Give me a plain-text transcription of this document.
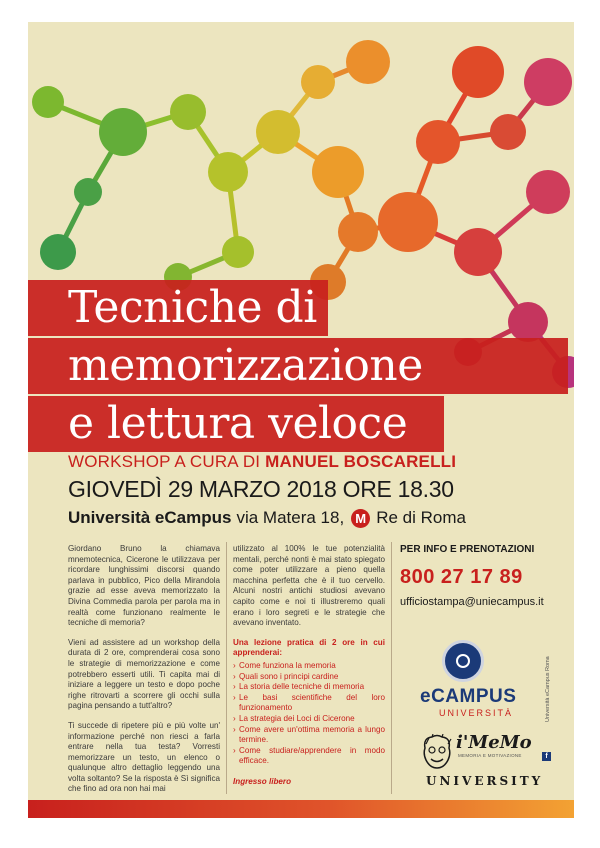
Tecniche di
memorizzazione
e lettura veloce
WORKSHOP A CURA DI MANUEL BOSCARELLI
GIOVEDÌ 29 MARZO 2018 ORE 18.30
Università eCampus via Matera 18, M Re di Roma

Giordano Bruno la chiamava mnemotecnica, Cicerone le utilizzava per ricordare lunghissimi discorsi quando parlava in pubblico, Pico della Mirandola grazie ad esse aveva memorizzato la Divina Commedia parola per parola ma in realtà come funzionano realmente le tecniche di memoria?

Vieni ad assistere ad un workshop della durata di 2 ore, comprenderai cosa sono le strategie di memorizzazione e come potrebbero esserti utili. Ti capita mai di iniziare a leggere un testo e dopo poche righe ritrovarti a scorrere gli occhi sulla pagina pensando a tutt'altro?

Ti succede di ripetere più e più volte un' informazione perché non riesci a farla entrare nella tua testa? Vorresti memorizzare un testo, un elenco o qualunque altro dettaglio leggendo una volta soltanto? Se la risposta è Sì significa che fino ad ora non hai mai

utilizzato al 100% le tue potenzialità mentali, perché nonti è mai stato spiegato come poter utilizzare a pieno quella macchina perfetta che è il tuo cervello. Alcuni nostri antichi studiosi avevano capito come e noi ti illustreremo quali erano i loro segreti e le strategie che avevano inventato.

Una lezione pratica di 2 ore in cui apprenderai:

› Come funziona la memoria
› Quali sono i principi cardine
› La storia delle tecniche di memoria
› Le basi scientifiche del loro funzionamento
› La strategia dei Loci di Cicerone
› Come avere un'ottima memoria a lungo termine.
› Come studiare/apprendere in modo efficace.

Ingresso libero

PER INFO E PRENOTAZIONI
800 27 17 89
ufficiostampa@uniecampus.it
eCAMPUS
UNIVERSITÀ
i'MeMo
MEMORIA E MOTIVAZIONE
UNIVERSITY
Università eCampus Roma
f
